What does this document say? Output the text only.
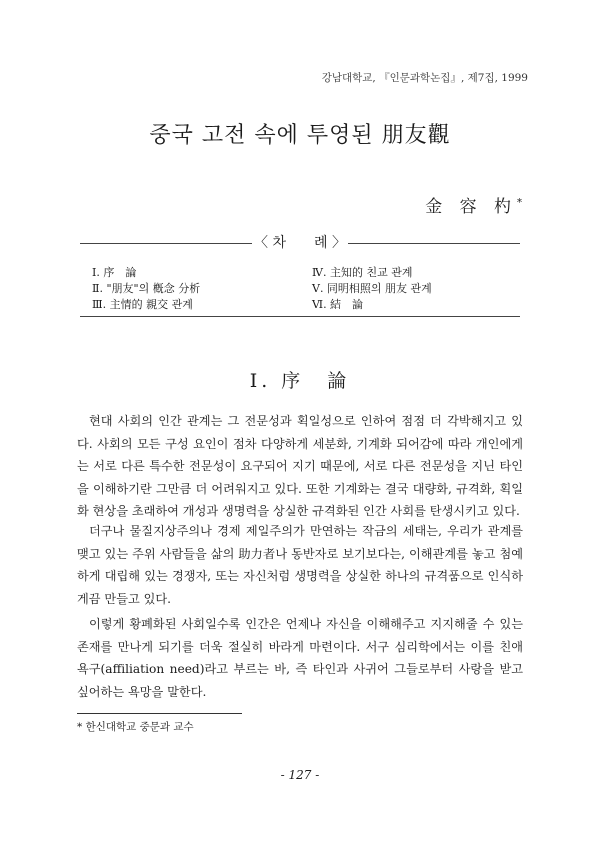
강남대학교, 『인문과학논집』, 제7집, 1999
중국 고전 속에 투영된 朋友觀
金 容 杓*
〈 차　　례 〉
Ⅰ. 序　論
Ⅱ. "朋友"의 槪念 分析
Ⅲ. 主情的 親交 관계
Ⅳ. 主知的 친교 관계
Ⅴ. 同明相照의 朋友 관계
Ⅵ. 結　論
Ⅰ. 序　論

현대 사회의 인간 관계는 그 전문성과 획일성으로 인하여 점점 더 각박해지고 있다. 사회의 모든 구성 요인이 점차 다양하게 세분화, 기계화 되어감에 따라 개인에게는 서로 다른 특수한 전문성이 요구되어 지기 때문에, 서로 다른 전문성을 지닌 타인을 이해하기란 그만큼 더 어려워지고 있다. 또한 기계화는 결국 대량화, 규격화, 획일화 현상을 초래하여 개성과 생명력을 상실한 규격화된 인간 사회를 탄생시키고 있다.

더구나 물질지상주의나 경제 제일주의가 만연하는 작금의 세태는, 우리가 관계를 맺고 있는 주위 사람들을 삶의 助力者나 동반자로 보기보다는, 이해관계를 놓고 첨예하게 대립해 있는 경쟁자, 또는 자신처럼 생명력을 상실한 하나의 규격품으로 인식하게끔 만들고 있다.

이렇게 황폐화된 사회일수록 인간은 언제나 자신을 이해해주고 지지해줄 수 있는 존재를 만나게 되기를 더욱 절실히 바라게 마련이다. 서구 심리학에서는 이를 친애 욕구(affiliation need)라고 부르는 바, 즉 타인과 사귀어 그들로부터 사랑을 받고 싶어하는 욕망을 말한다.

* 한신대학교 중문과 교수
- 127 -
